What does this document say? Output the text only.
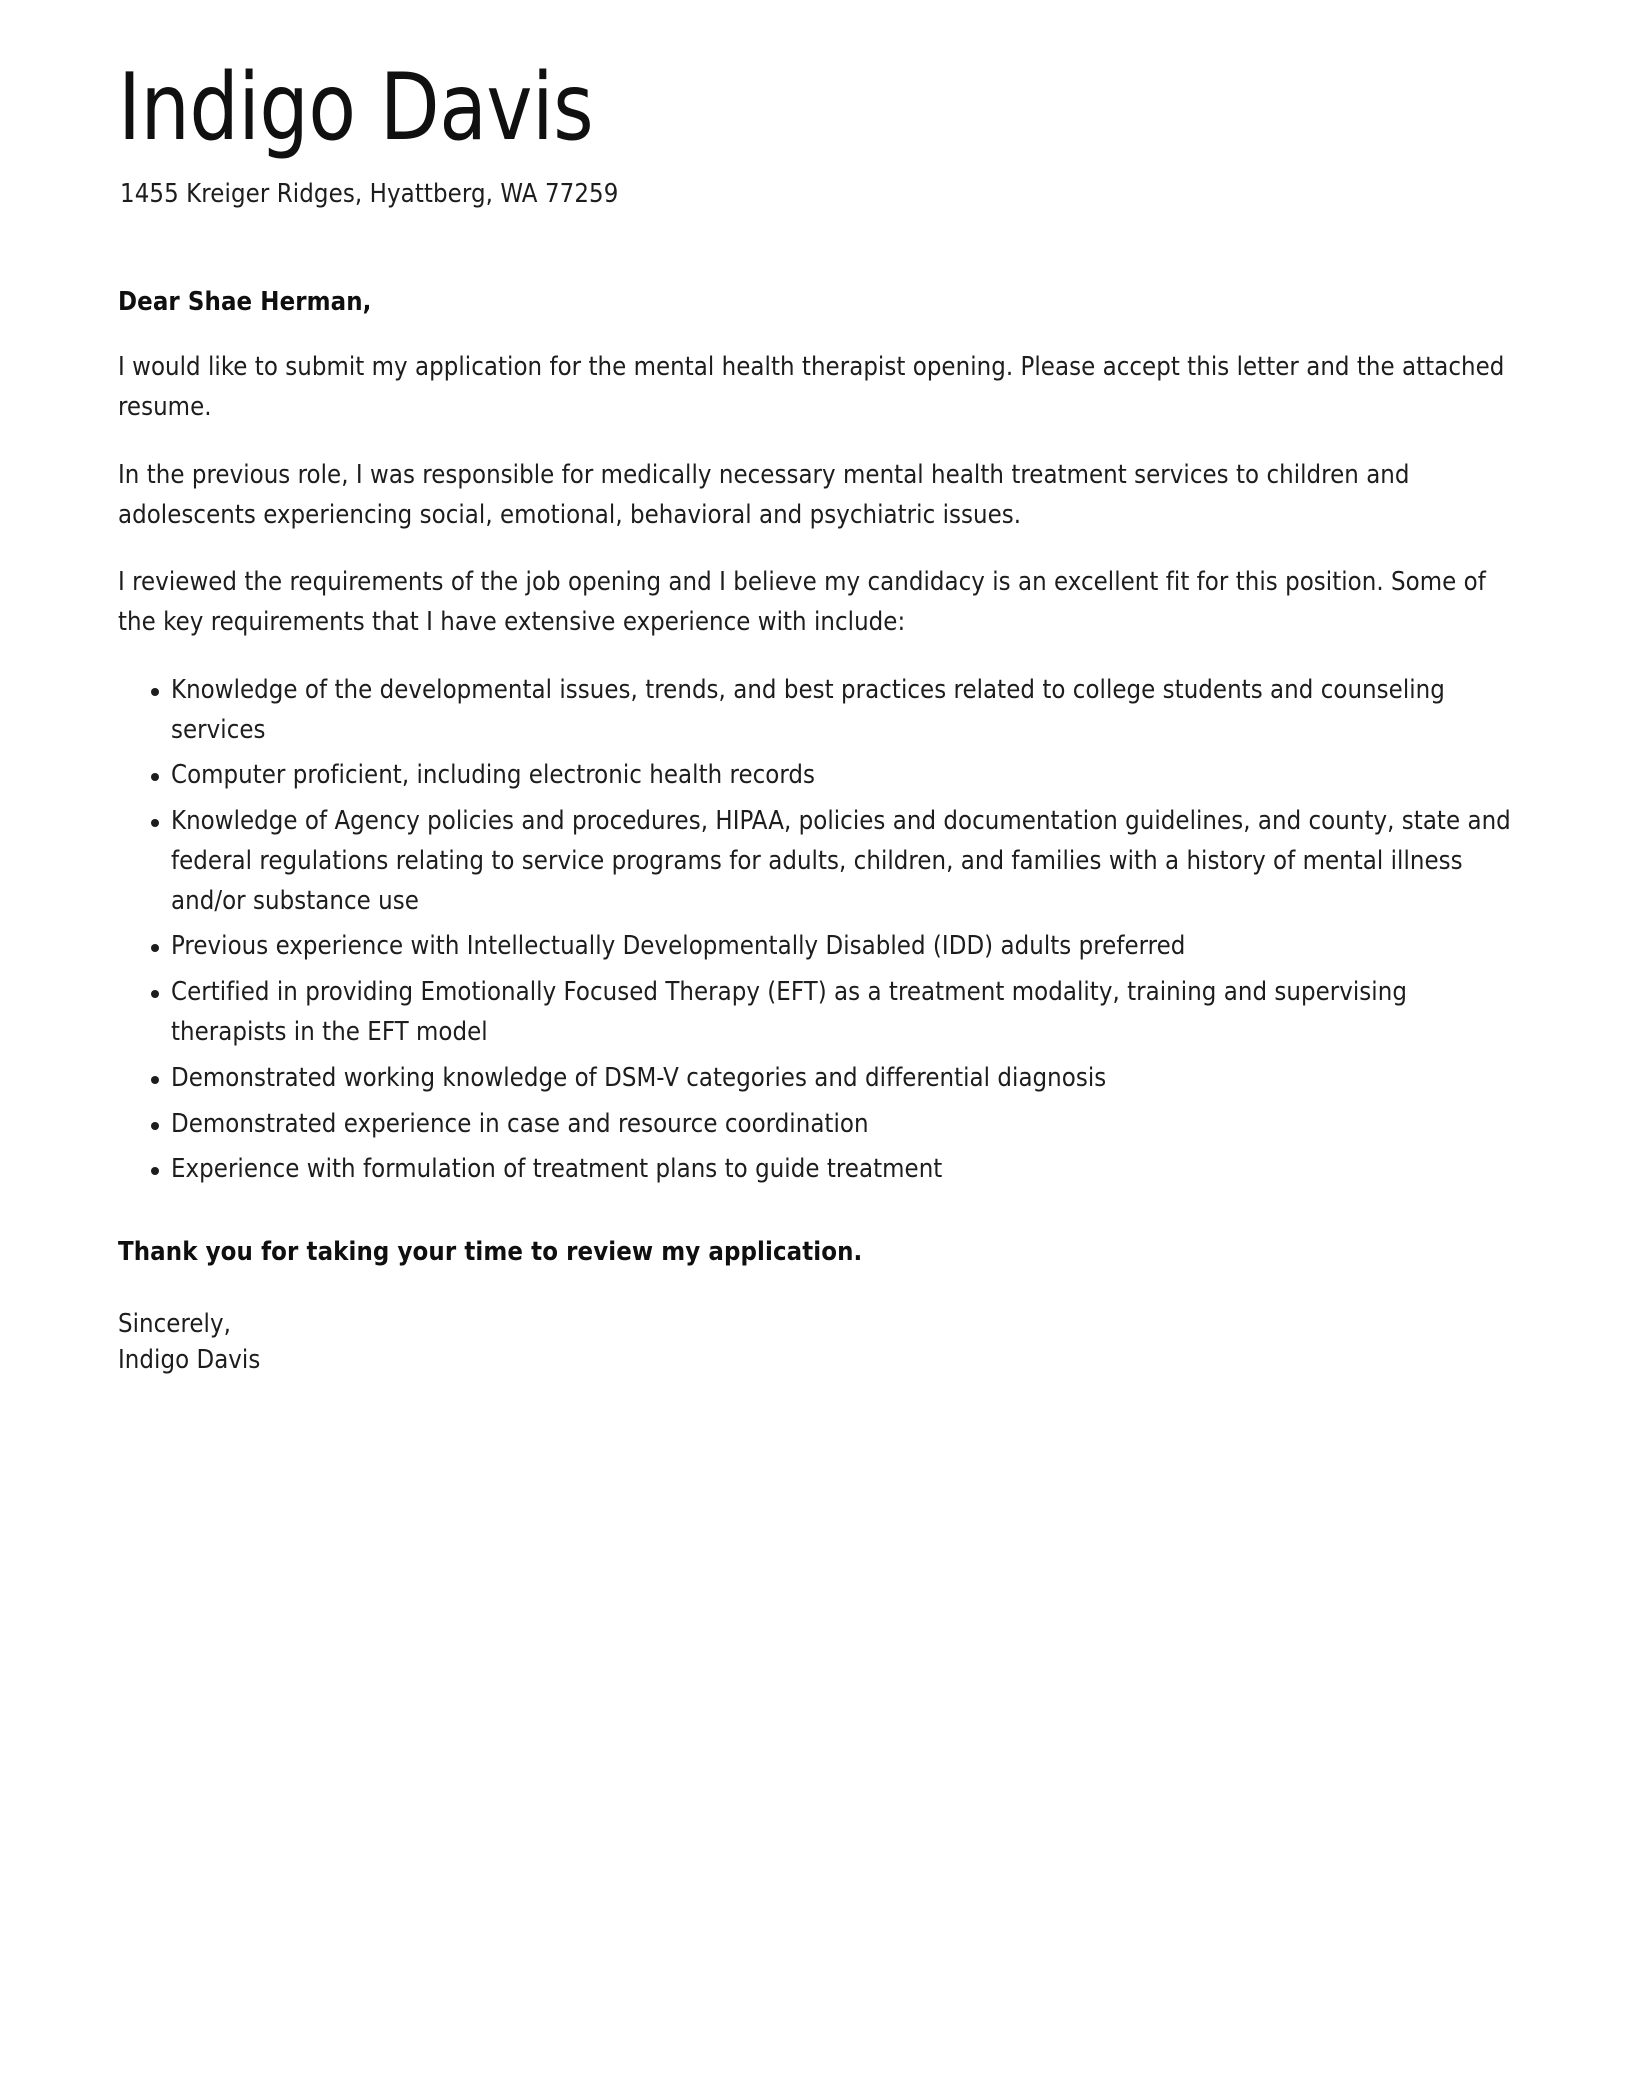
Indigo Davis

1455 Kreiger Ridges, Hyattberg, WA 77259

Dear Shae Herman,

I would like to submit my application for the mental health therapist opening. Please accept this letter and the attached resume.

In the previous role, I was responsible for medically necessary mental health treatment services to children and adolescents experiencing social, emotional, behavioral and psychiatric issues.

I reviewed the requirements of the job opening and I believe my candidacy is an excellent fit for this position. Some of the key requirements that I have extensive experience with include:

Knowledge of the developmental issues, trends, and best practices related to college students and counseling services
Computer proficient, including electronic health records
Knowledge of Agency policies and procedures, HIPAA, policies and documentation guidelines, and county, state and federal regulations relating to service programs for adults, children, and families with a history of mental illness and/or substance use
Previous experience with Intellectually Developmentally Disabled (IDD) adults preferred
Certified in providing Emotionally Focused Therapy (EFT) as a treatment modality, training and supervising therapists in the EFT model
Demonstrated working knowledge of DSM-V categories and differential diagnosis
Demonstrated experience in case and resource coordination
Experience with formulation of treatment plans to guide treatment

Thank you for taking your time to review my application.

Sincerely,

Indigo Davis
